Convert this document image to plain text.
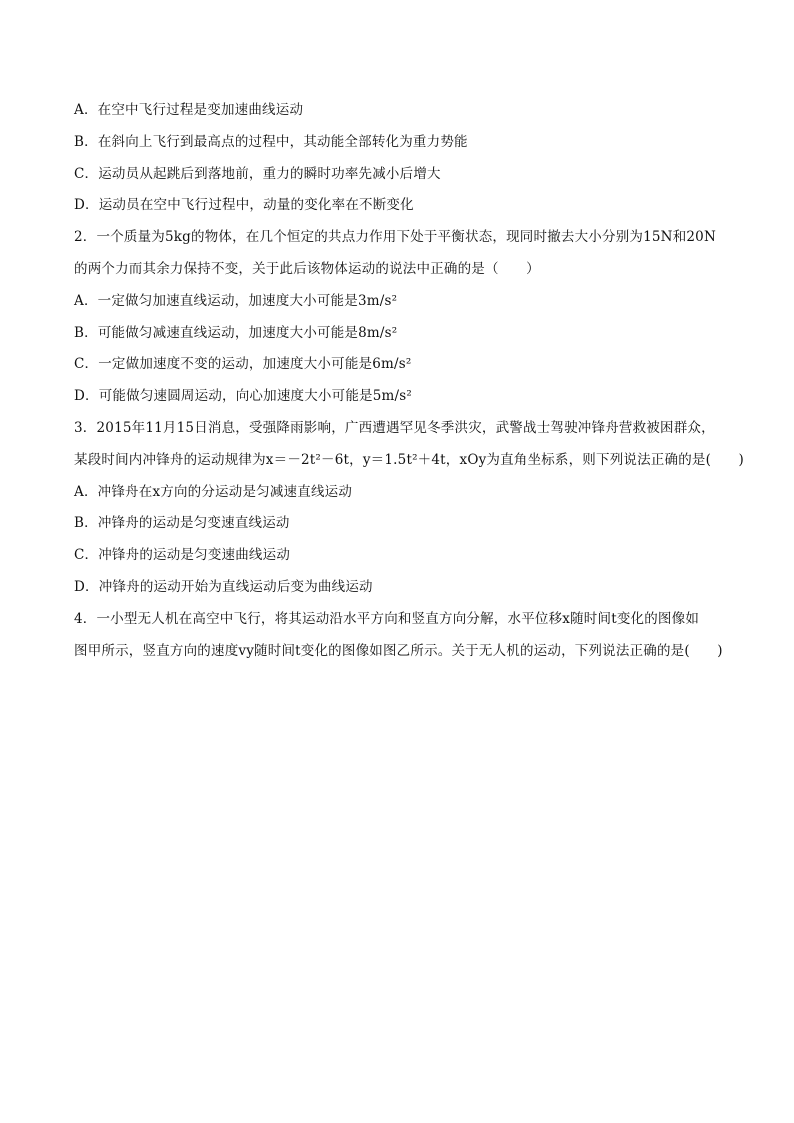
A．在空中飞行过程是变加速曲线运动
B．在斜向上飞行到最高点的过程中，其动能全部转化为重力势能
C．运动员从起跳后到落地前，重力的瞬时功率先减小后增大
D．运动员在空中飞行过程中，动量的变化率在不断变化
2．一个质量为5kg的物体，在几个恒定的共点力作用下处于平衡状态，现同时撤去大小分别为15N和20N
的两个力而其余力保持不变，关于此后该物体运动的说法中正确的是（　　）
A．一定做匀加速直线运动，加速度大小可能是3m/s²
B．可能做匀减速直线运动，加速度大小可能是8m/s²
C．一定做加速度不变的运动，加速度大小可能是6m/s²
D．可能做匀速圆周运动，向心加速度大小可能是5m/s²
3．2015年11月15日消息，受强降雨影响，广西遭遇罕见冬季洪灾，武警战士驾驶冲锋舟营救被困群众，
某段时间内冲锋舟的运动规律为x＝－2t²－6t，y＝1.5t²＋4t，xOy为直角坐标系，则下列说法正确的是(　　)
A．冲锋舟在x方向的分运动是匀减速直线运动
B．冲锋舟的运动是匀变速直线运动
C．冲锋舟的运动是匀变速曲线运动
D．冲锋舟的运动开始为直线运动后变为曲线运动
4．一小型无人机在高空中飞行，将其运动沿水平方向和竖直方向分解，水平位移x随时间t变化的图像如
图甲所示，竖直方向的速度vy随时间t变化的图像如图乙所示。关于无人机的运动，下列说法正确的是(　　)
